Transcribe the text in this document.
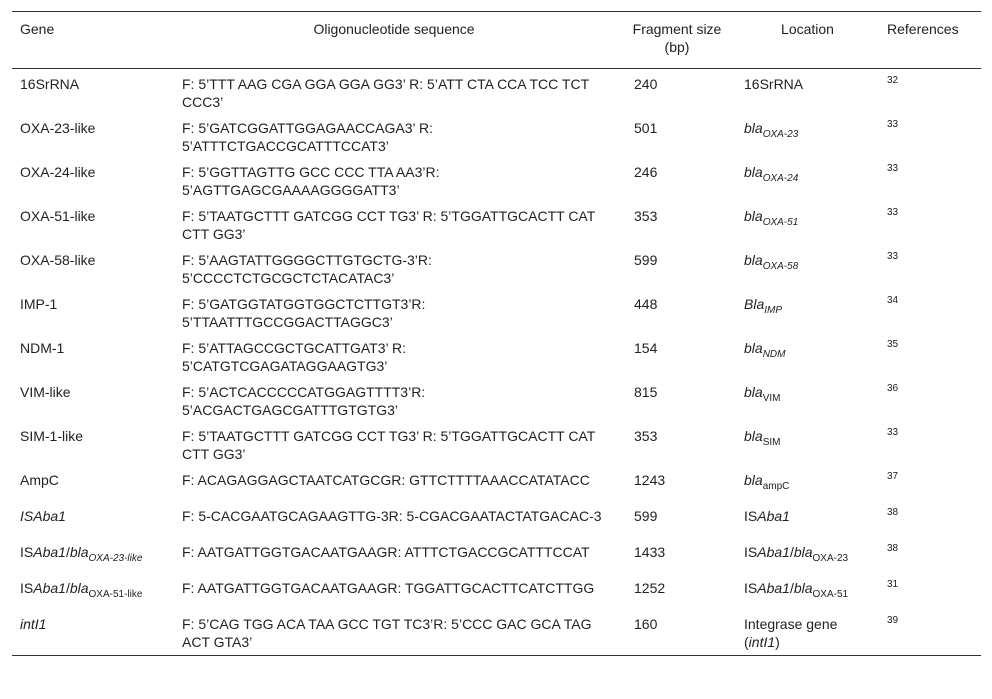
Gene	Oligonucleotide sequence	Fragment size (bp)	Location	References
16SrRNA	F: 5’TTT AAG CGA GGA GGA GG3’ R: 5’ATT CTA CCA TCC TCT CCC3’	240	16SrRNA	$^{32}$
OXA-23-like	F: 5’GATCGGATTGGAGAACCAGA3’ R: 5’ATTTCTGACCGCATTTCCAT3’	501	bla$_{OXA-23}$	$^{33}$
OXA-24-like	F: 5’GGTTAGTTG GCC CCC TTA AA3’R: 5’AGTTGAGCGAAAAGGGGATT3’	246	bla$_{OXA-24}$	$^{33}$
OXA-51-like	F: 5’TAATGCTTT GATCGG CCT TG3’ R: 5’TGGATTGCACTT CAT CTT GG3’	353	bla$_{OXA-51}$	$^{33}$
OXA-58-like	F: 5’AAGTATTGGGGCTTGTGCTG-3’R: 5’CCCCTCTGCGCTCTACATAC3’	599	bla$_{OXA-58}$	$^{33}$
IMP-1	F: 5’GATGGTATGGTGGCTCTTGT3’R: 5’TTAATTTGCCGGACTTAGGC3’	448	Bla$_{IMP}$	$^{34}$
NDM-1	F: 5’ATTAGCCGCTGCATTGAT3’ R: 5’CATGTCGAGATAGGAAGTG3’	154	bla$_{NDM}$	$^{35}$
VIM-like	F: 5’ACTCACCCCCATGGAGTTTT3’R: 5’ACGACTGAGCGATTTGTGTG3’	815	bla$_{VIM}$	$^{36}$
SIM-1-like	F: 5’TAATGCTTT GATCGG CCT TG3’ R: 5’TGGATTGCACTT CAT CTT GG3’	353	bla$_{SIM}$	$^{33}$
AmpC	F: ACAGAGGAGCTAATCATGCGR: GTTCTTTTAAACCATATACC	1243	bla$_{ampC}$	$^{37}$
ISAba1	F: 5-CACGAATGCAGAAGTTG-3R: 5-CGACGAATACTATGACAC-3	599	ISAba1	$^{38}$
ISAba1/bla$_{OXA-23-like}$	F: AATGATTGGTGACAATGAAGR: ATTTCTGACCGCATTTCCAT	1433	ISAba1/bla$_{OXA-23}$	$^{38}$
ISAba1/bla$_{OXA-51-like}$	F: AATGATTGGTGACAATGAAGR: TGGATTGCACTTCATCTTGG	1252	ISAba1/bla$_{OXA-51}$	$^{31}$
intI1	F: 5’CAG TGG ACA TAA GCC TGT TC3’R: 5’CCC GAC GCA TAG ACT GTA3’	160	Integrase gene (intI1)	$^{39}$
